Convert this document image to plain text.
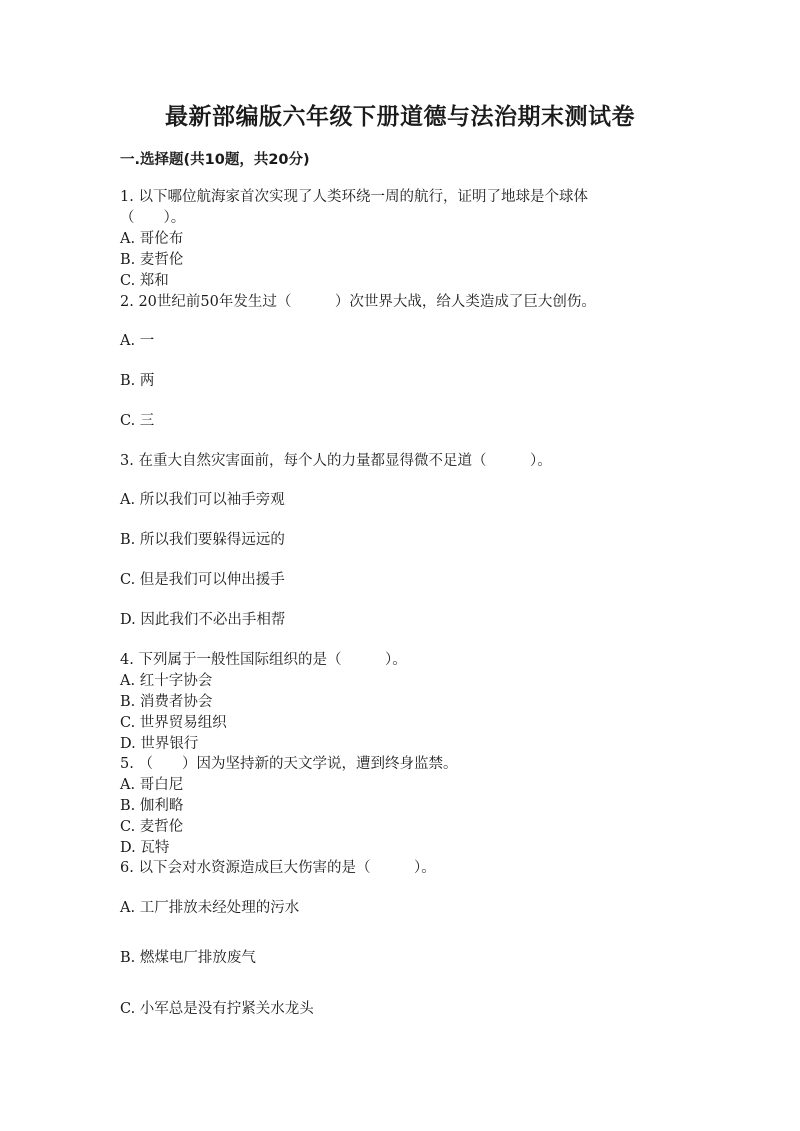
最新部编版六年级下册道德与法治期末测试卷
一.选择题(共10题，共20分)
1. 以下哪位航海家首次实现了人类环绕一周的航行，证明了地球是个球体
（　　）。
A. 哥伦布
B. 麦哲伦
C. 郑和
2. 20世纪前50年发生过（　　　）次世界大战，给人类造成了巨大创伤。
A. 一
B. 两
C. 三
3. 在重大自然灾害面前，每个人的力量都显得微不足道（　　　）。
A. 所以我们可以袖手旁观
B. 所以我们要躲得远远的
C. 但是我们可以伸出援手
D. 因此我们不必出手相帮
4. 下列属于一般性国际组织的是（　　　）。
A. 红十字协会
B. 消费者协会
C. 世界贸易组织
D. 世界银行
5. （　　）因为坚持新的天文学说，遭到终身监禁。
A. 哥白尼
B. 伽利略
C. 麦哲伦
D. 瓦特
6. 以下会对水资源造成巨大伤害的是（　　　）。
A. 工厂排放未经处理的污水
B. 燃煤电厂排放废气
C. 小军总是没有拧紧关水龙头
